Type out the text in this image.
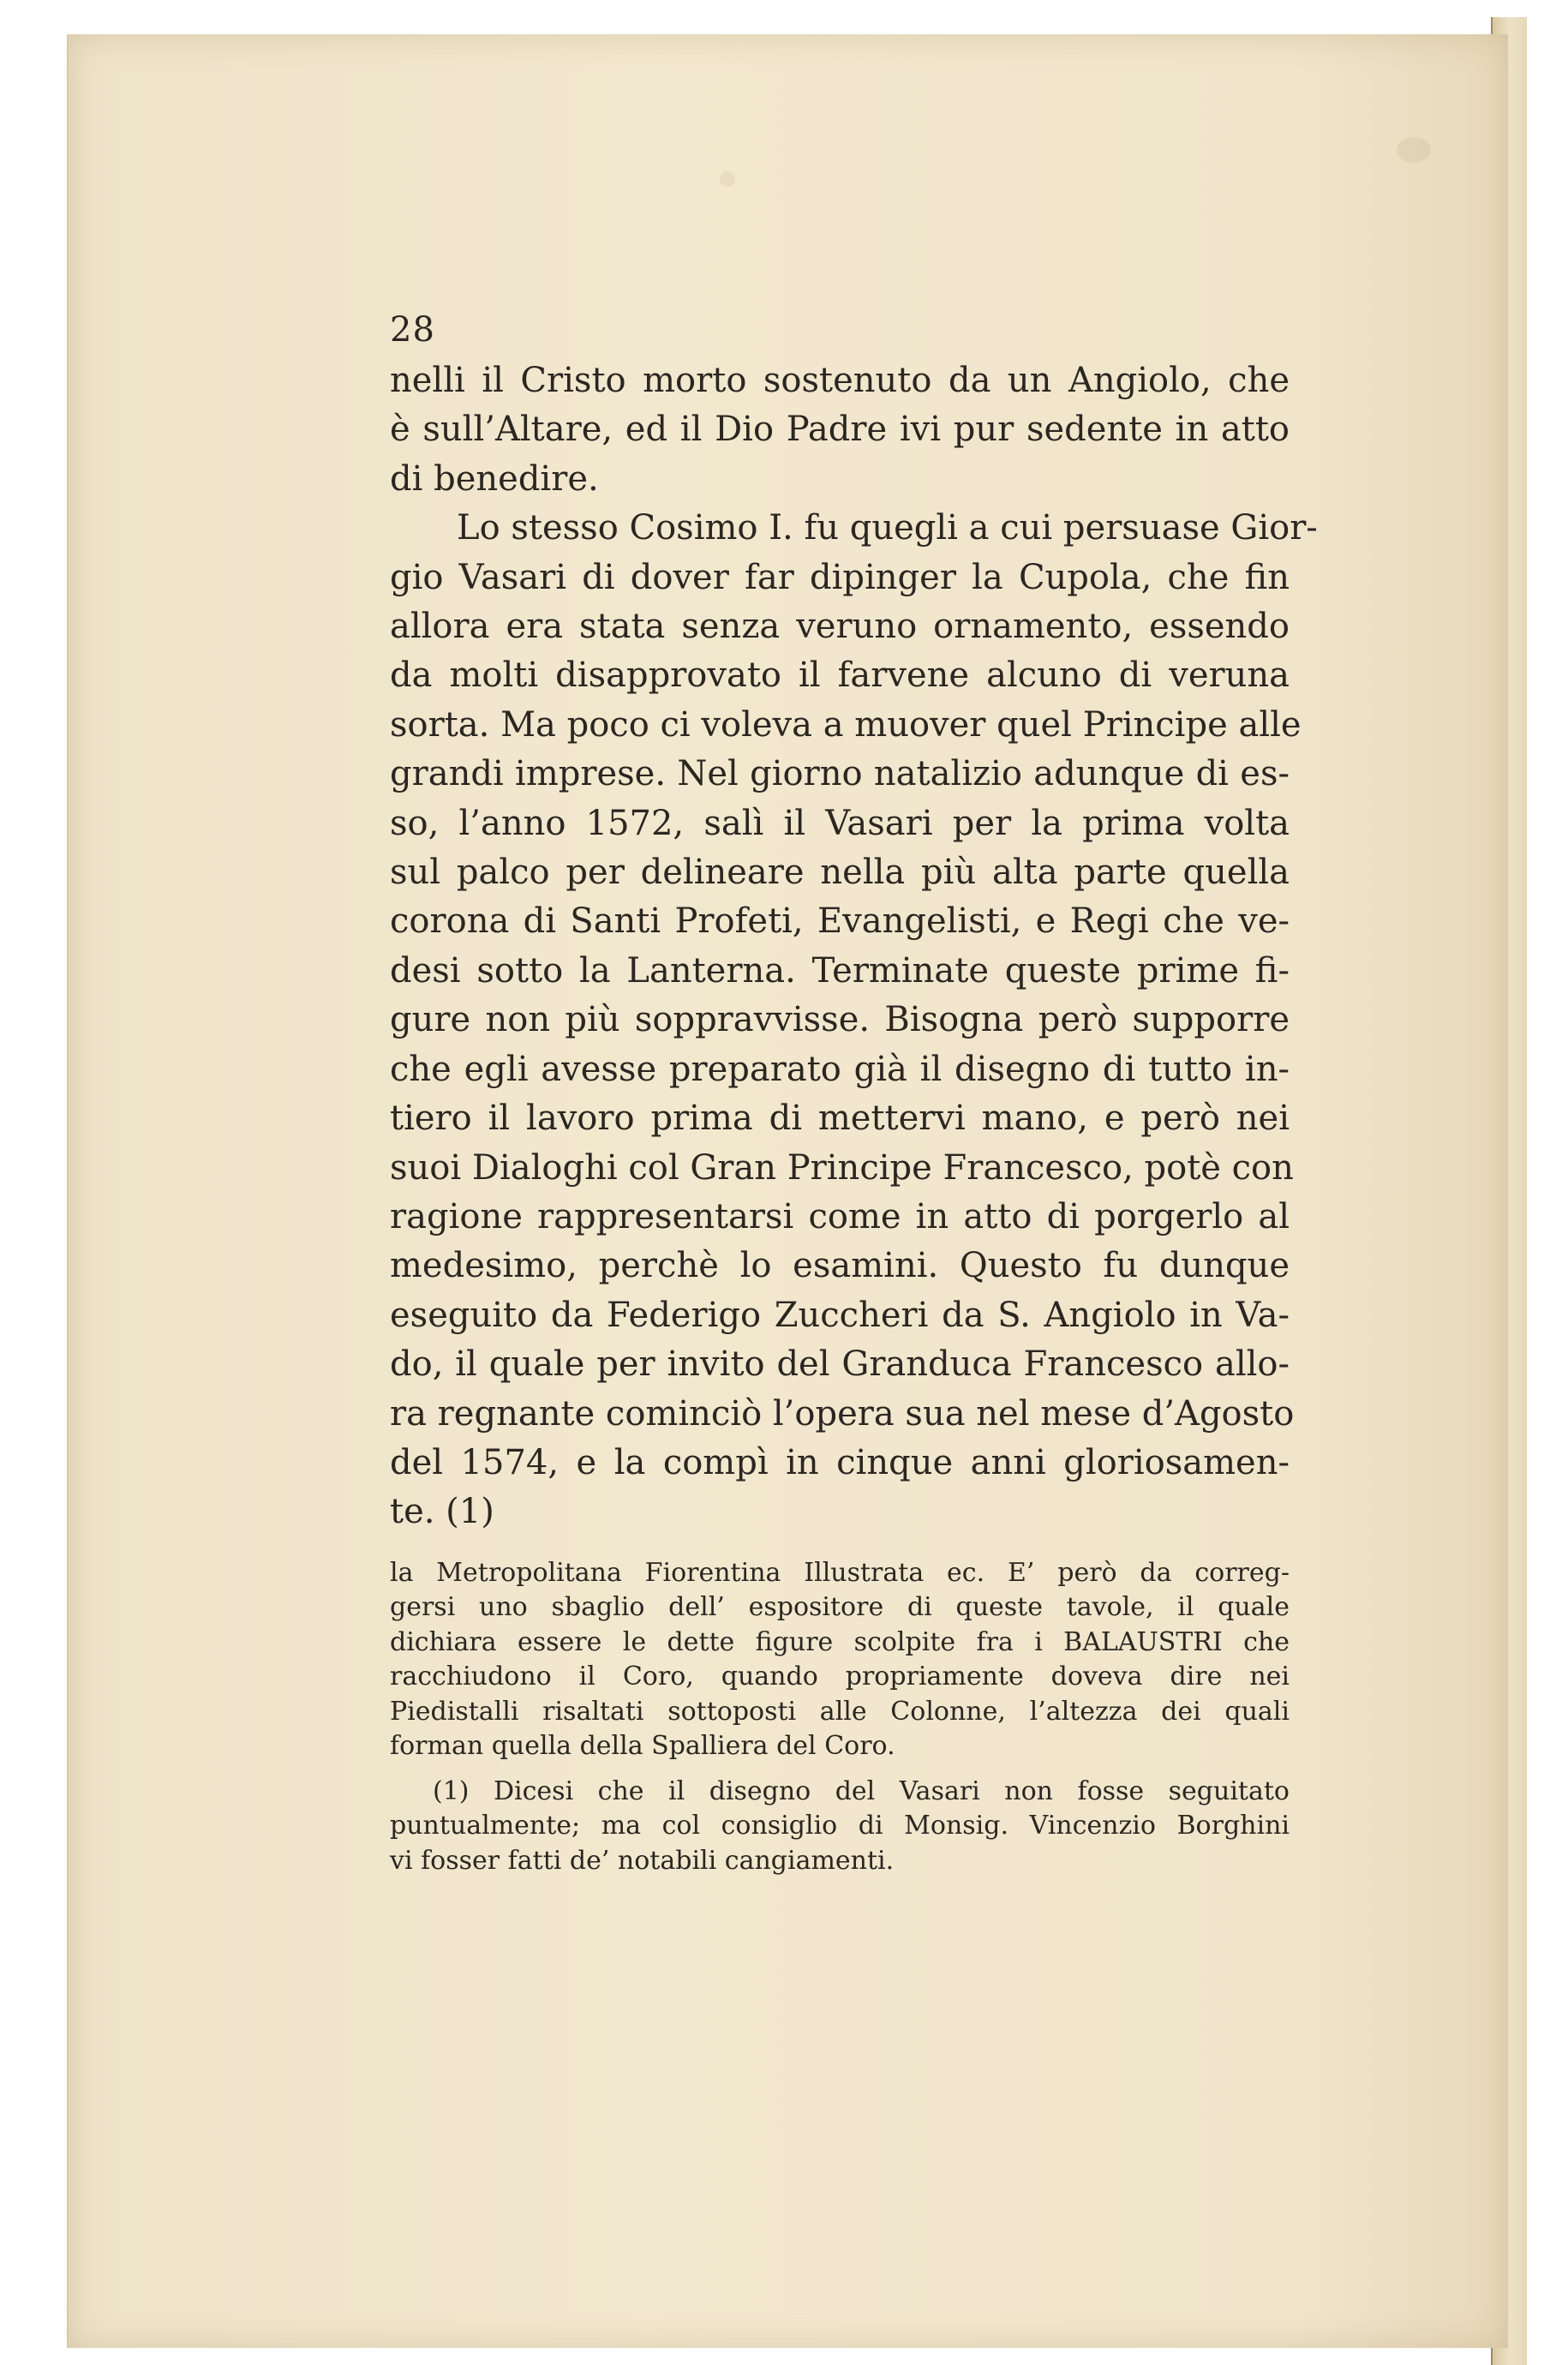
28

nelli il Cristo morto sostenuto da un Angiolo, che

è sull’Altare, ed il Dio Padre ivi pur sedente in atto

di benedire.

Lo stesso Cosimo I. fu quegli a cui persuase Gior-

gio Vasari di dover far dipinger la Cupola, che fin

allora era stata senza veruno ornamento, essendo

da molti disapprovato il farvene alcuno di veruna

sorta. Ma poco ci voleva a muover quel Principe alle

grandi imprese. Nel giorno natalizio adunque di es-

so, l’anno 1572, salì il Vasari per la prima volta

sul palco per delineare nella più alta parte quella

corona di Santi Profeti, Evangelisti, e Regi che ve-

desi sotto la Lanterna. Terminate queste prime fi-

gure non più soppravvisse. Bisogna però supporre

che egli avesse preparato già il disegno di tutto in-

tiero il lavoro prima di mettervi mano, e però nei

suoi Dialoghi col Gran Principe Francesco, potè con

ragione rappresentarsi come in atto di porgerlo al

medesimo, perchè lo esamini. Questo fu dunque

eseguito da Federigo Zuccheri da S. Angiolo in Va-

do, il quale per invito del Granduca Francesco allo-

ra regnante cominciò l’opera sua nel mese d’Agosto

del 1574, e la compì in cinque anni gloriosamen-

te. (1)

la Metropolitana Fiorentina Illustrata ec. E’ però da correg-

gersi uno sbaglio dell’ espositore di queste tavole, il quale

dichiara essere le dette figure scolpite fra i BALAUSTRI che

racchiudono il Coro, quando propriamente doveva dire nei

Piedistalli risaltati sottoposti alle Colonne, l’altezza dei quali

forman quella della Spalliera del Coro.

(1) Dicesi che il disegno del Vasari non fosse seguitato

puntualmente; ma col consiglio di Monsig. Vincenzio Borghini

vi fosser fatti de’ notabili cangiamenti.
